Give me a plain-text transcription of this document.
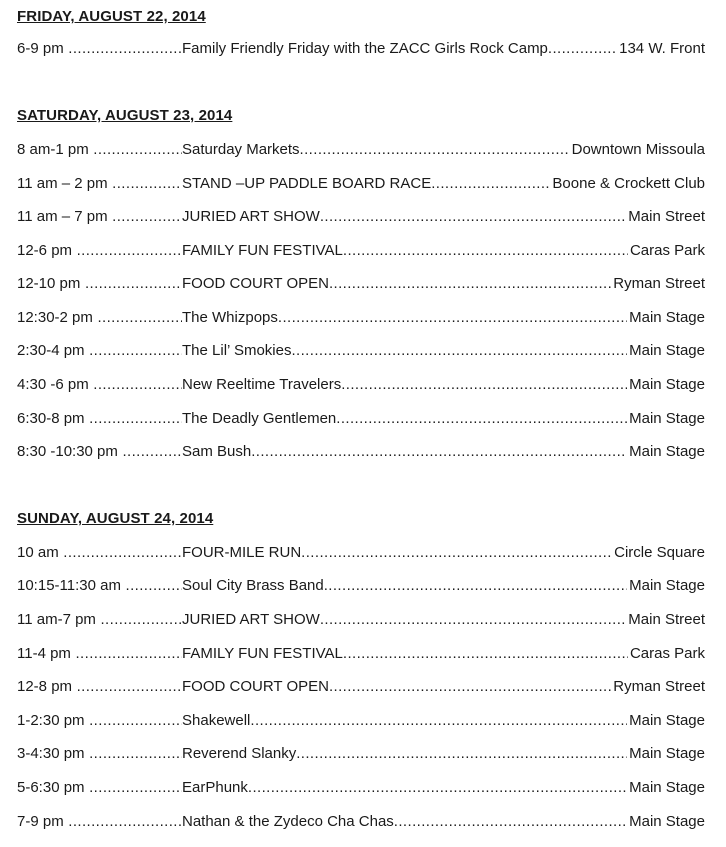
FRIDAY, AUGUST 22, 2014
6-9 pm .....	Family Friendly Friday with the ZACC Girls Rock Camp .....	134 W. Front
SATURDAY, AUGUST 23, 2014
8 am-1 pm .....	Saturday Markets .....	Downtown Missoula
11 am – 2 pm .....	STAND –UP PADDLE BOARD RACE .....	Boone & Crockett Club
11 am – 7 pm .....	JURIED ART SHOW .....	Main Street
12-6 pm .....	FAMILY FUN FESTIVAL .....	Caras Park
12-10 pm .....	FOOD COURT OPEN .....	Ryman Street
12:30-2 pm .....	The Whizpops .....	Main Stage
2:30-4 pm .....	The Lil’ Smokies .....	Main Stage
4:30 -6 pm .....	New Reeltime Travelers .....	Main Stage
6:30-8 pm .....	The Deadly Gentlemen .....	Main Stage
8:30 -10:30 pm .....	Sam Bush .....	Main Stage
SUNDAY, AUGUST 24, 2014
10 am .....	FOUR-MILE RUN .....	Circle Square
10:15-11:30 am .....	Soul City Brass Band .....	Main Stage
11 am-7 pm .....	JURIED ART SHOW .....	Main Street
11-4 pm .....	FAMILY FUN FESTIVAL .....	Caras Park
12-8 pm .....	FOOD COURT OPEN .....	Ryman Street
1-2:30 pm .....	Shakewell .....	Main Stage
3-4:30 pm .....	Reverend Slanky .....	Main Stage
5-6:30 pm .....	EarPhunk .....	Main Stage
7-9 pm .....	Nathan & the Zydeco Cha Chas .....	Main Stage
